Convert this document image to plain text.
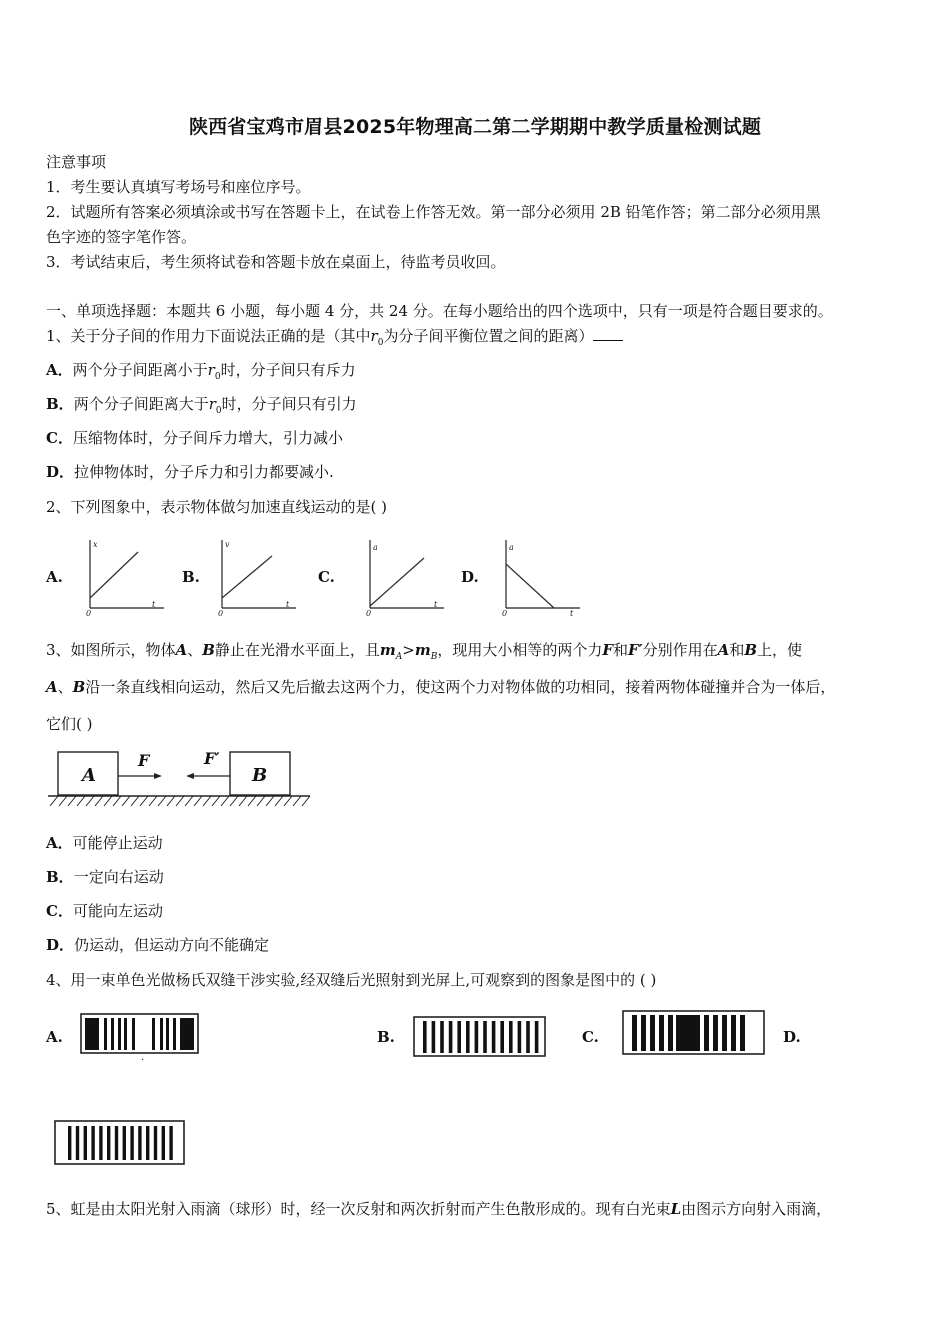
陕西省宝鸡市眉县2025年物理高二第二学期期中教学质量检测试题
注意事项
1．考生要认真填写考场号和座位序号。
2．试题所有答案必须填涂或书写在答题卡上，在试卷上作答无效。第一部分必须用 2B 铅笔作答；第二部分必须用黑
色字迹的签字笔作答。
3．考试结束后，考生须将试卷和答题卡放在桌面上，待监考员收回。
一、单项选择题：本题共 6 小题，每小题 4 分，共 24 分。在每小题给出的四个选项中，只有一项是符合题目要求的。
1、关于分子间的作用力下面说法正确的是（其中$r_0$为分子间平衡位置之间的距离）
A．两个分子间距离小于$r_0$时，分子间只有斥力
B．两个分子间距离大于$r_0$时，分子间只有引力
C．压缩物体时，分子间斥力增大，引力减小
D．拉伸物体时，分子斥力和引力都要减小.
2、下列图象中，表示物体做匀加速直线运动的是( )
A.
x
t
0
B.
v
t
0
C.
a
t
0
D.
a
t
0
3、如图所示，物体A、B静止在光滑水平面上，且$m_A>m_B$，现用大小相等的两个力F和F′分别作用在A和B上，使
A、B沿一条直线相向运动，然后又先后撤去这两个力，使这两个力对物体做的功相同，接着两物体碰撞并合为一体后，
它们( )
A	B
F	F′
A．可能停止运动
B．一定向右运动
C．可能向左运动
D．仍运动，但运动方向不能确定
4、用一束单色光做杨氏双缝干涉实验,经双缝后光照射到光屏上,可观察到的图象是图中的 ( )
A.
.
B.	C.	D.
5、虹是由太阳光射入雨滴（球形）时，经一次反射和两次折射而产生色散形成的。现有白光束L由图示方向射入雨滴，
